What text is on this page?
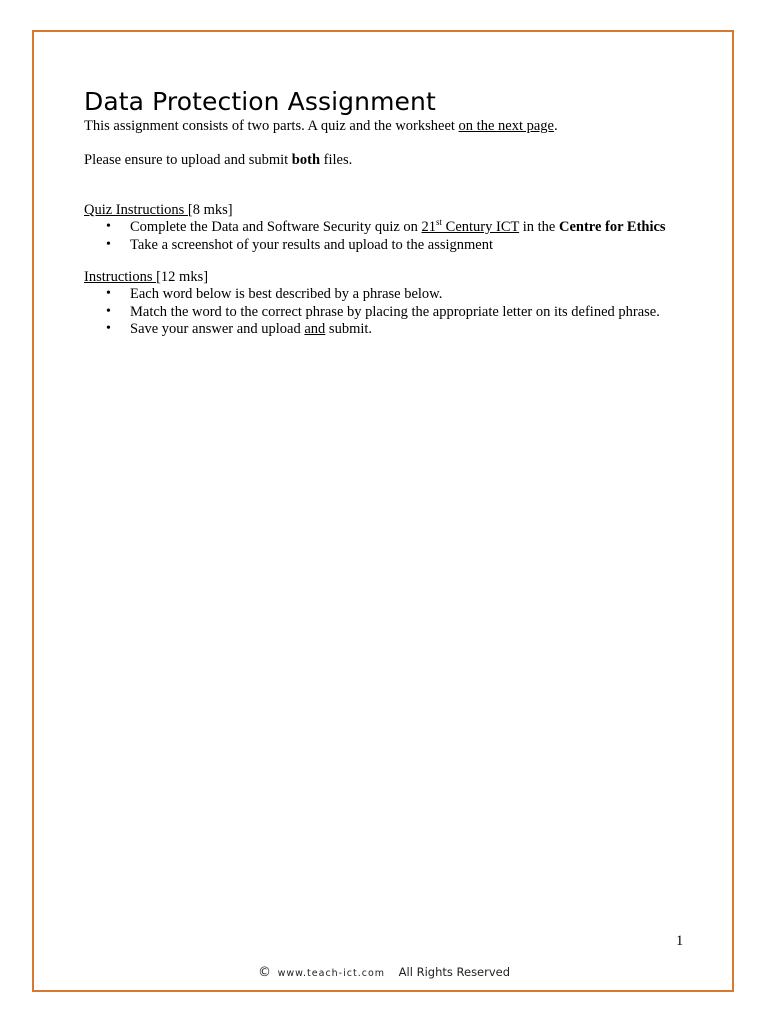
Data Protection Assignment

This assignment consists of two parts. A quiz and the worksheet on the next page.

Please ensure to upload and submit both files.

Quiz Instructions [8 mks]

• Complete the Data and Software Security quiz on 21st Century ICT in the Centre for Ethics
• Take a screenshot of your results and upload to the assignment

Instructions [12 mks]

• Each word below is best described by a phrase below.
• Match the word to the correct phrase by placing the appropriate letter on its defined phrase.
• Save your answer and upload and submit.
1
© www.teach-ict.com All Rights Reserved
